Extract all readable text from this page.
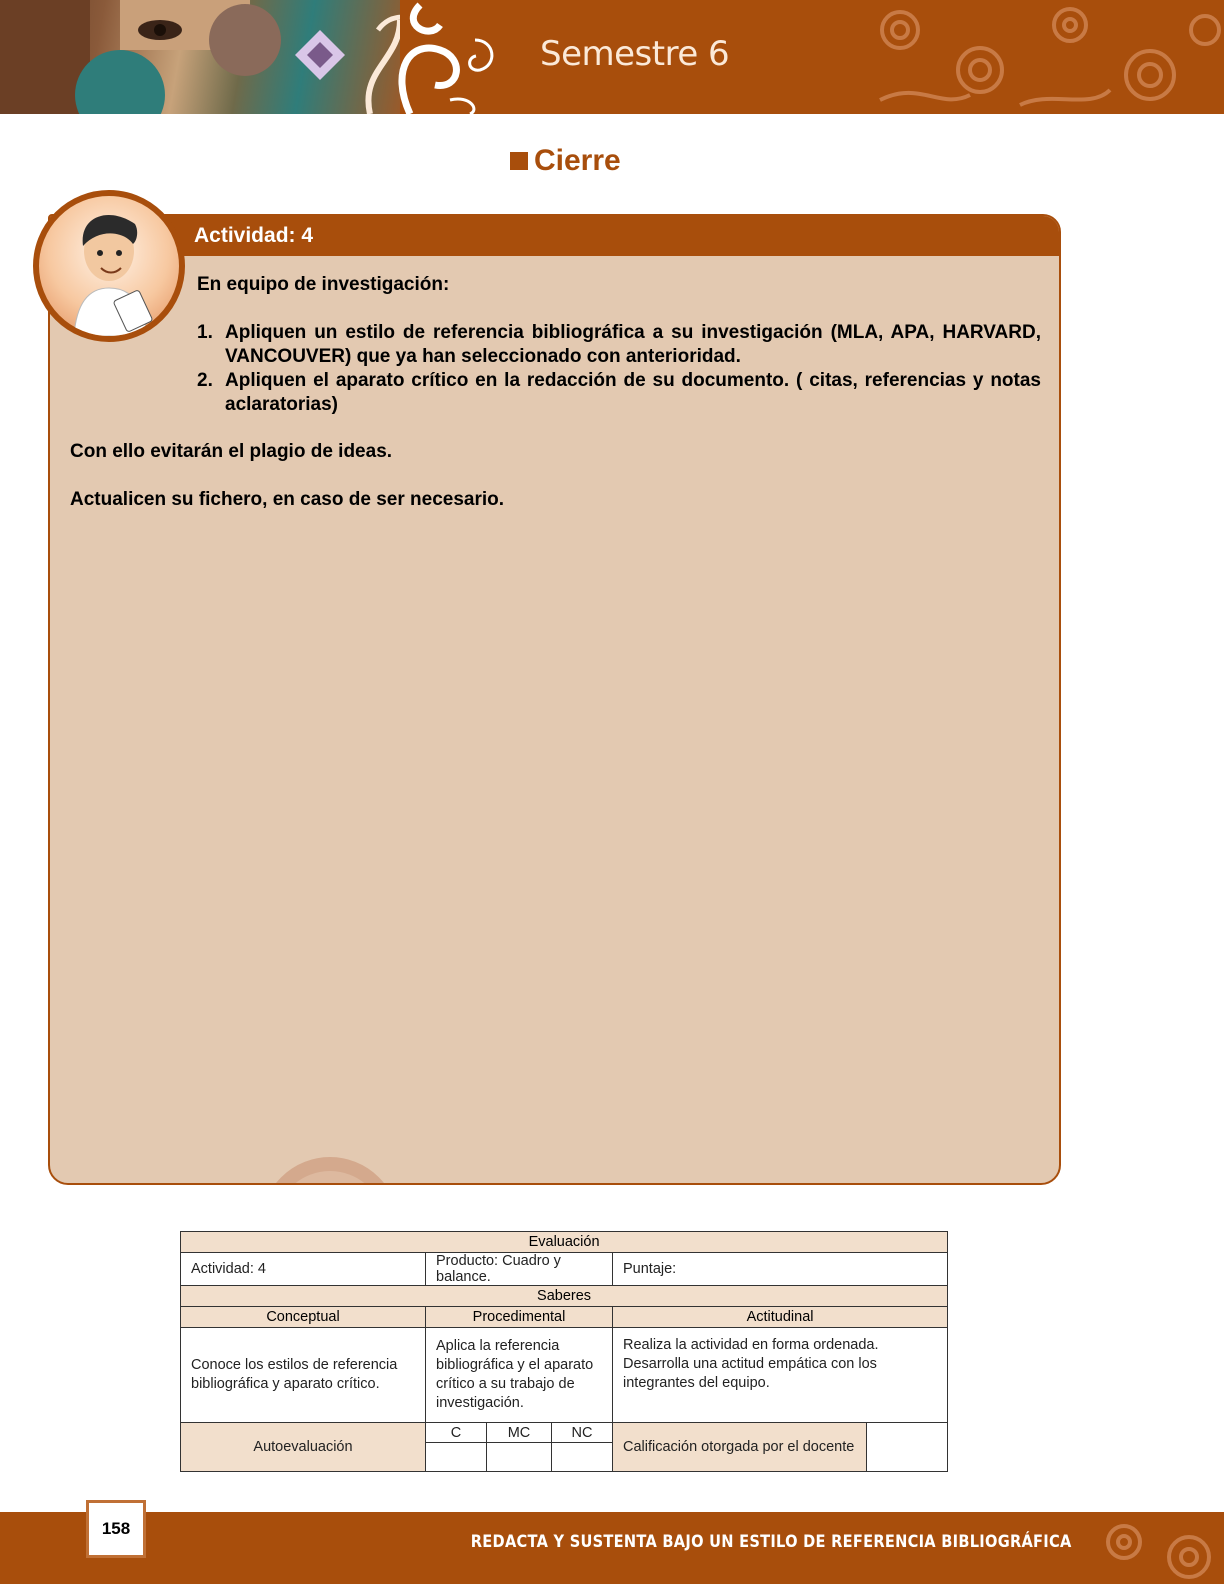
Semestre 6
Cierre
Actividad: 4
En equipo de investigación:
1. Apliquen un estilo de referencia bibliográfica a su investigación (MLA, APA, HARVARD, VANCOUVER) que ya han seleccionado con anterioridad.
2. Apliquen el aparato crítico en la redacción de su documento. ( citas, referencias y notas aclaratorias)
Con ello evitarán el plagio de ideas.
Actualicen su fichero, en caso de ser necesario.
Evaluación					
Actividad: 4	Producto: Cuadro y balance.			Puntaje:	
Saberes					
Conceptual	Procedimental			Actitudinal	
Conoce los estilos de referencia bibliográfica y aparato crítico.	Aplica la referencia bibliográfica y el aparato crítico a su trabajo de investigación.			Realiza la actividad en forma ordenada.
Desarrolla una actitud empática con los integrantes del equipo.	

Autoevaluación	C	MC	NC	Calificación otorgada por el docente	

REDACTA Y SUSTENTA BAJO UN ESTILO DE REFERENCIA BIBLIOGRÁFICA
158
